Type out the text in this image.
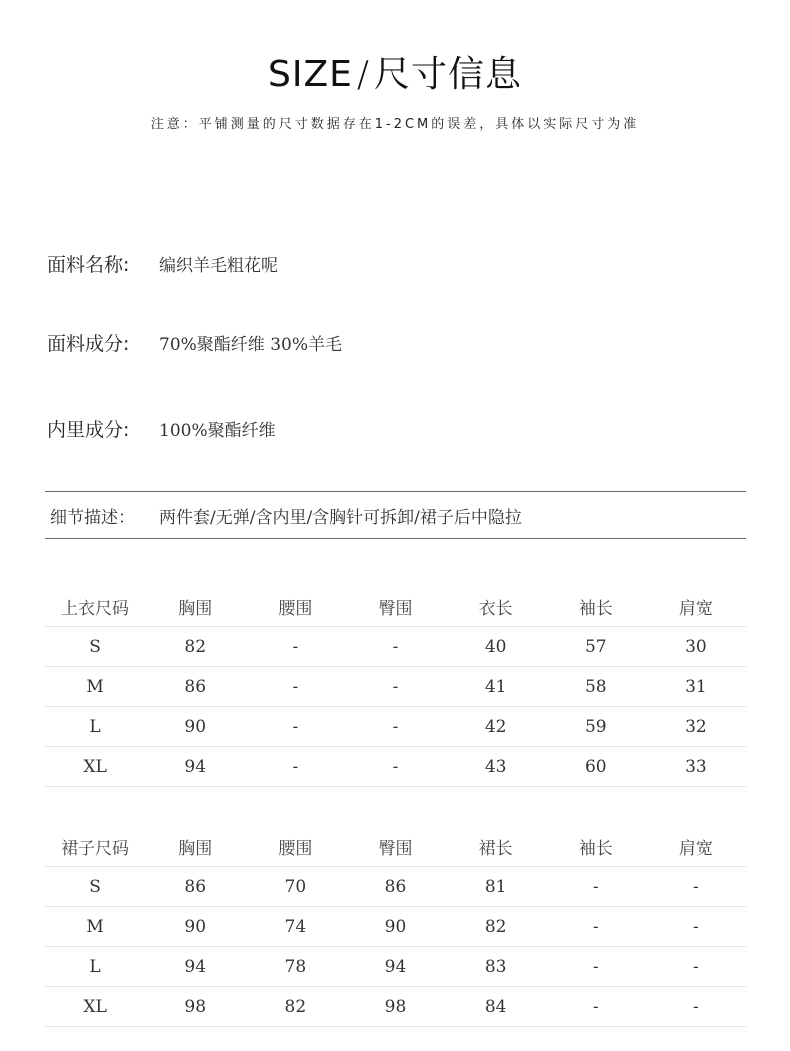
SIZE / 尺寸信息
注意：平铺测量的尺寸数据存在1-2CM的误差，具体以实际尺寸为准
面料名称:	编织羊毛粗花呢
面料成分:	70%聚酯纤维 30%羊毛
内里成分:	100%聚酯纤维
细节描述：	两件套/无弹/含内里/含胸针可拆卸/裙子后中隐拉
上衣尺码	胸围	腰围	臀围	衣长	袖长	肩宽
S	82	-	-	40	57	30
M	86	-	-	41	58	31
L	90	-	-	42	59	32
XL	94	-	-	43	60	33
裙子尺码	胸围	腰围	臀围	裙长	袖长	肩宽
S	86	70	86	81	-	-
M	90	74	90	82	-	-
L	94	78	94	83	-	-
XL	98	82	98	84	-	-
